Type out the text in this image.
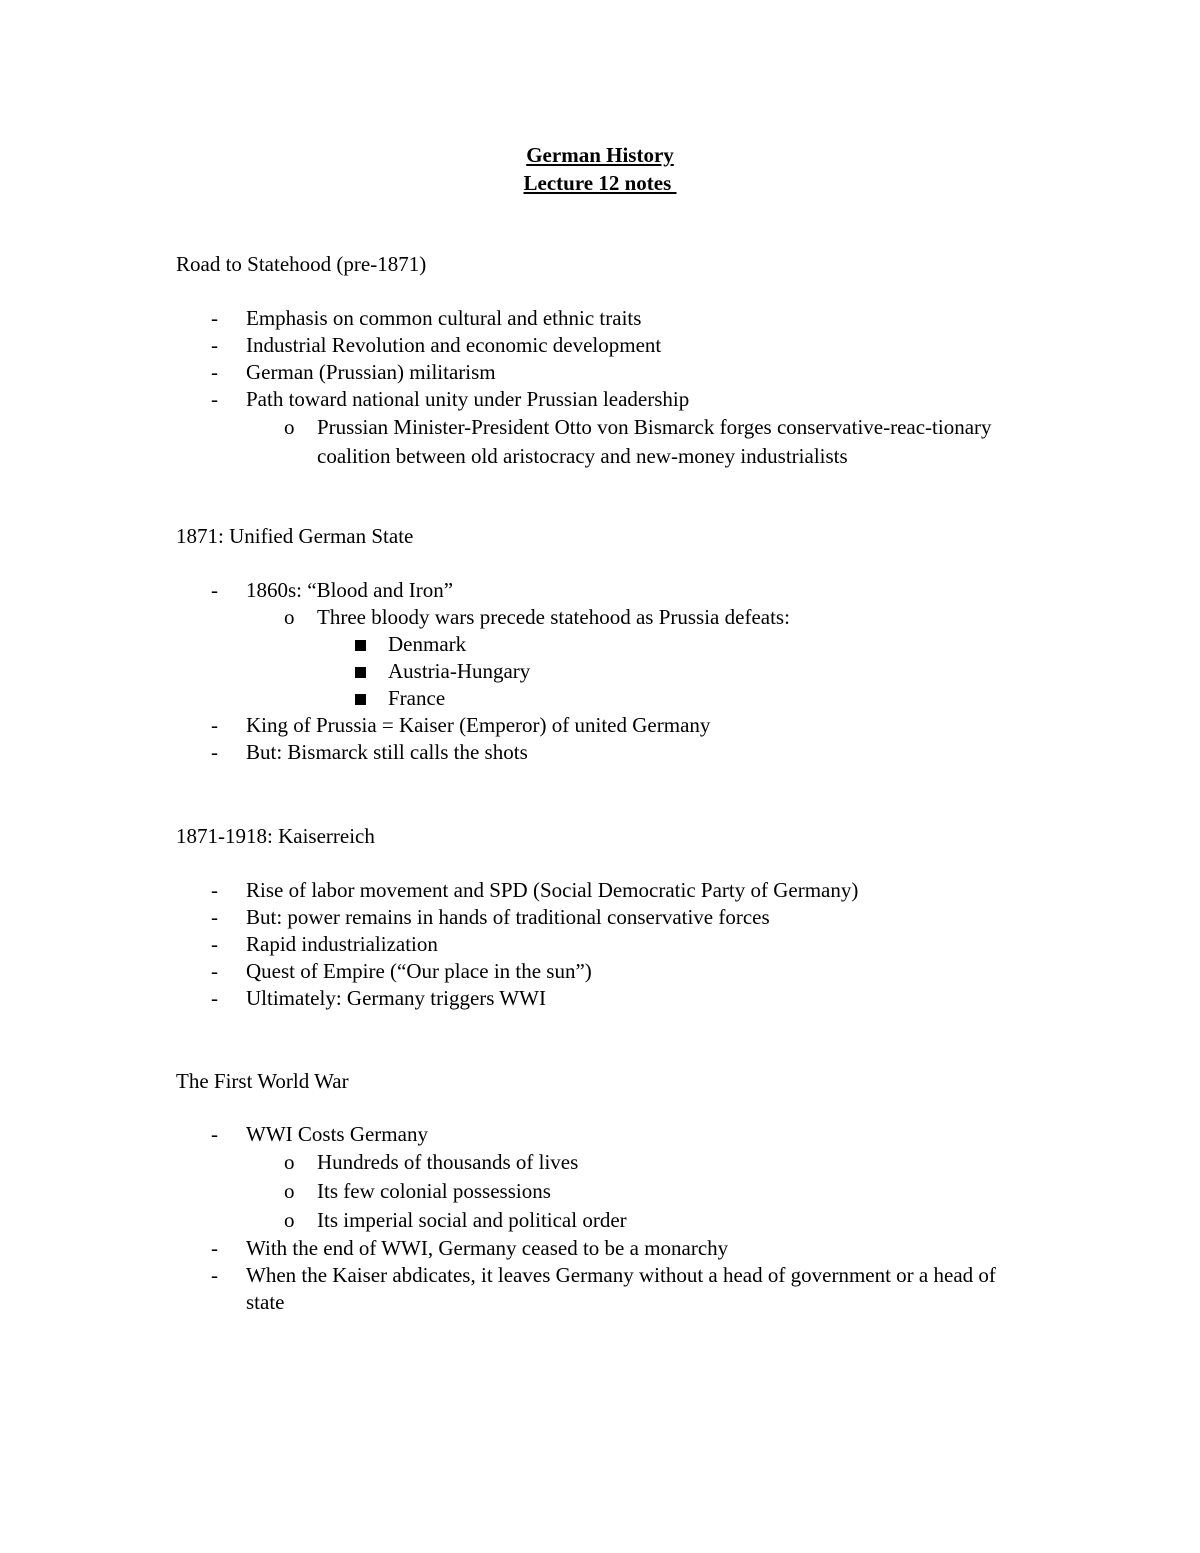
German History
Lecture 12 notes
Road to Statehood (pre-1871)
- Emphasis on common cultural and ethnic traits
- Industrial Revolution and economic development
- German (Prussian) militarism
- Path toward national unity under Prussian leadership
o Prussian Minister-President Otto von Bismarck forges conservative-reac-tionary coalition between old aristocracy and new-money industrialists
1871: Unified German State
- 1860s: “Blood and Iron”
o Three bloody wars precede statehood as Prussia defeats:
Denmark
Austria-Hungary
France
- King of Prussia = Kaiser (Emperor) of united Germany
- But: Bismarck still calls the shots
1871-1918: Kaiserreich
- Rise of labor movement and SPD (Social Democratic Party of Germany)
- But: power remains in hands of traditional conservative forces
- Rapid industrialization
- Quest of Empire (“Our place in the sun”)
- Ultimately: Germany triggers WWI
The First World War
- WWI Costs Germany
o Hundreds of thousands of lives
o Its few colonial possessions
o Its imperial social and political order
- With the end of WWI, Germany ceased to be a monarchy
- When the Kaiser abdicates, it leaves Germany without a head of government or a head of state
